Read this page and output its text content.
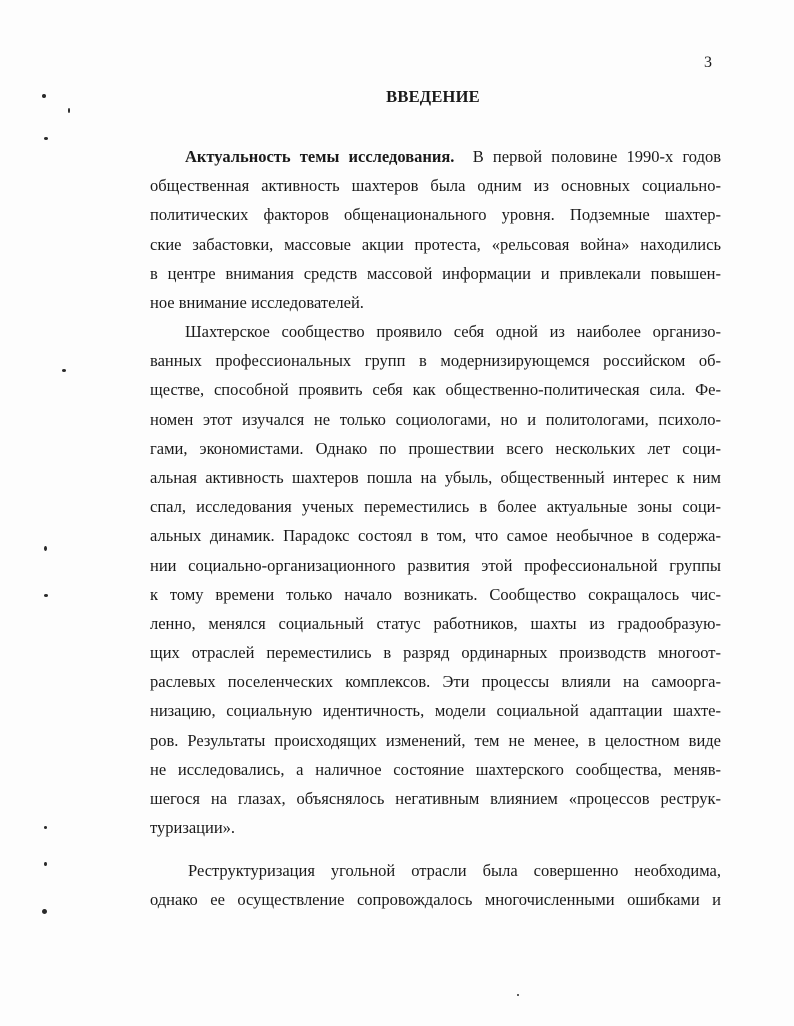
3
ВВЕДЕНИЕ
Актуальность темы исследования. В первой половине 1990-х годов
общественная активность шахтеров была одним из основных социально-
политических факторов общенационального уровня. Подземные шахтер-
ские забастовки, массовые акции протеста, «рельсовая война» находились
в центре внимания средств массовой информации и привлекали повышен-
ное внимание исследователей.
Шахтерское сообщество проявило себя одной из наиболее организо-
ванных профессиональных групп в модернизирующемся российском об-
ществе, способной проявить себя как общественно-политическая сила. Фе-
номен этот изучался не только социологами, но и политологами, психоло-
гами, экономистами. Однако по прошествии всего нескольких лет соци-
альная активность шахтеров пошла на убыль, общественный интерес к ним
спал, исследования ученых переместились в более актуальные зоны соци-
альных динамик. Парадокс состоял в том, что самое необычное в содержа-
нии социально-организационного развития этой профессиональной группы
к тому времени только начало возникать. Сообщество сокращалось чис-
ленно, менялся социальный статус работников, шахты из градообразую-
щих отраслей переместились в разряд ординарных производств многоот-
раслевых поселенческих комплексов. Эти процессы влияли на самоорга-
низацию, социальную идентичность, модели социальной адаптации шахте-
ров. Результаты происходящих изменений, тем не менее, в целостном виде
не исследовались, а наличное состояние шахтерского сообщества, меняв-
шегося на глазах, объяснялось негативным влиянием «процессов реструк-
туризации».
Реструктуризация угольной отрасли была совершенно необходима,
однако ее осуществление сопровождалось многочисленными ошибками и
